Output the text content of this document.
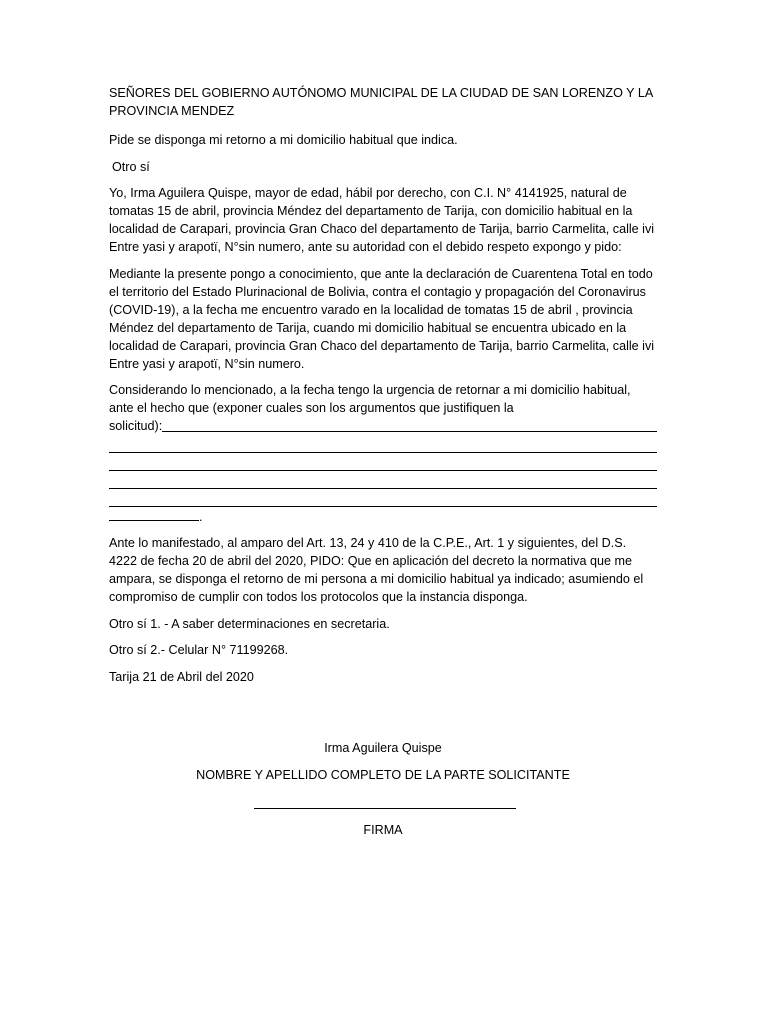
SEÑORES DEL GOBIERNO AUTÓNOMO MUNICIPAL DE LA CIUDAD DE SAN LORENZO Y LA PROVINCIA MENDEZ

Pide se disponga mi retorno a mi domicilio habitual que indica.

Otro sí

Yo, Irma Aguilera Quispe, mayor de edad, hábil por derecho, con C.I. N° 4141925, natural de tomatas 15 de abril, provincia Méndez del departamento de Tarija, con domicilio habitual en la localidad de Carapari, provincia Gran Chaco del departamento de Tarija, barrio Carmelita, calle ivi Entre yasi y arapotï, N°sin numero, ante su autoridad con el debido respeto expongo y pido:

Mediante la presente pongo a conocimiento, que ante la declaración de Cuarentena Total en todo el territorio del Estado Plurinacional de Bolivia, contra el contagio y propagación del Coronavirus (COVID-19), a la fecha me encuentro varado en la localidad de tomatas 15 de abril , provincia Méndez del departamento de Tarija, cuando mi domicilio habitual se encuentra ubicado en la localidad de Carapari, provincia Gran Chaco del departamento de Tarija, barrio Carmelita, calle ivi Entre yasi y arapotï, N°sin numero.

Considerando lo mencionado, a la fecha tengo la urgencia de retornar a mi domicilio habitual, ante el hecho que (exponer cuales son los argumentos que justifiquen la
solicitud):
.

Ante lo manifestado, al amparo del Art. 13, 24 y 410 de la C.P.E., Art. 1 y siguientes, del D.S. 4222 de fecha 20 de abril del 2020, PIDO: Que en aplicación del decreto la normativa que me ampara, se disponga el retorno de mi persona a mi domicilio habitual ya indicado; asumiendo el compromiso de cumplir con todos los protocolos que la instancia disponga.

Otro sí 1. - A saber determinaciones en secretaria.

Otro sí 2.- Celular N° 71199268.

Tarija 21 de Abril del 2020

Irma Aguilera Quispe
NOMBRE Y APELLIDO COMPLETO DE LA PARTE SOLICITANTE
FIRMA
